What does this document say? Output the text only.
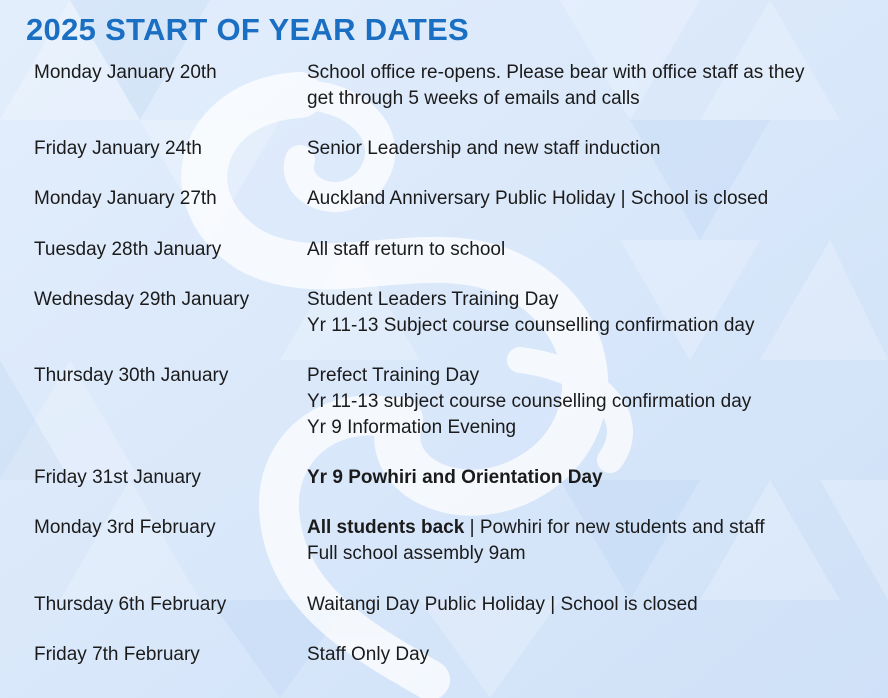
2025 START OF YEAR DATES
Monday January 20th	School office re-opens. Please bear with office staff as they
get through 5 weeks of emails and calls
Friday January 24th	Senior Leadership and new staff induction
Monday January 27th	Auckland Anniversary Public Holiday | School is closed
Tuesday 28th January	All staff return to school
Wednesday 29th January	Student Leaders Training Day
Yr 11-13 Subject course counselling confirmation day
Thursday 30th January	Prefect Training Day
Yr 11-13 subject course counselling confirmation day
Yr 9 Information Evening
Friday 31st January	Yr 9 Powhiri and Orientation Day
Monday 3rd February	All students back | Powhiri for new students and staff
Full school assembly 9am
Thursday 6th February	Waitangi Day Public Holiday | School is closed
Friday 7th February	Staff Only Day
